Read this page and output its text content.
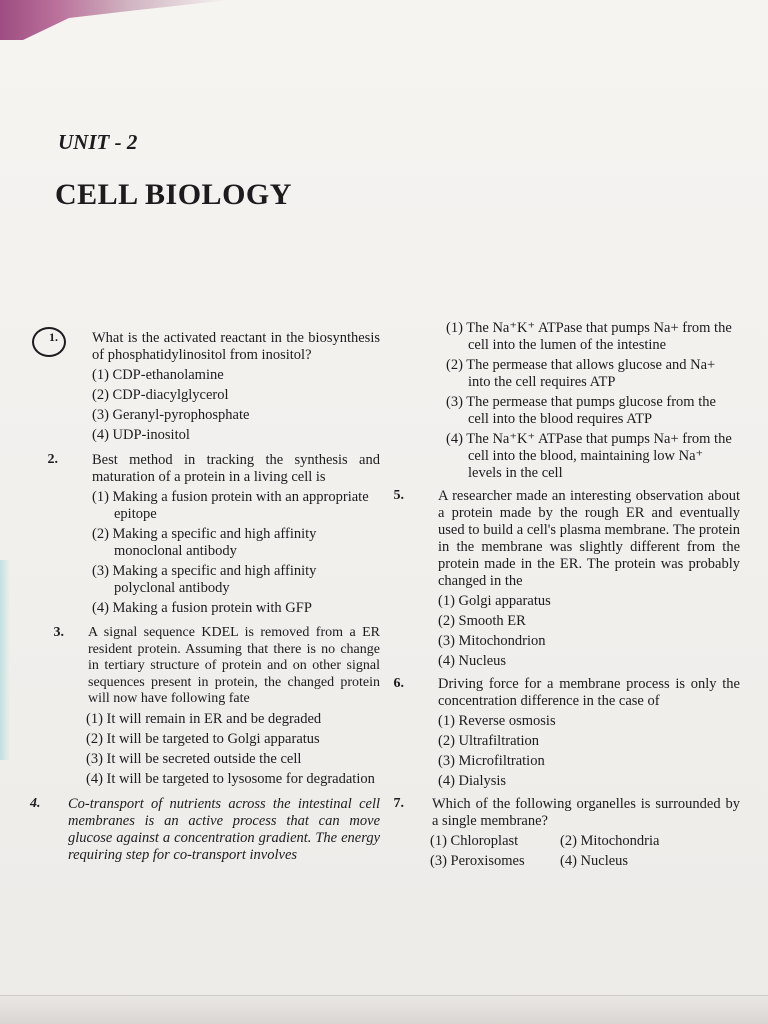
UNIT - 2
CELL BIOLOGY
1. What is the activated reactant in the biosynthesis of phosphatidylinositol from inositol?
(1) CDP-ethanolamine
(2) CDP-diacylglycerol
(3) Geranyl-pyrophosphate
(4) UDP-inositol
2. Best method in tracking the synthesis and maturation of a protein in a living cell is
(1) Making a fusion protein with an appropriate epitope
(2) Making a specific and high affinity monoclonal antibody
(3) Making a specific and high affinity polyclonal antibody
(4) Making a fusion protein with GFP
3. A signal sequence KDEL is removed from a ER resident protein. Assuming that there is no change in tertiary structure of protein and on other signal sequences present in protein, the changed protein will now have following fate
(1) It will remain in ER and be degraded
(2) It will be targeted to Golgi apparatus
(3) It will be secreted outside the cell
(4) It will be targeted to lysosome for degradation
4. Co-transport of nutrients across the intestinal cell membranes is an active process that can move glucose against a concentration gradient. The energy requiring step for co-transport involves
(1) The Na⁺K⁺ ATPase that pumps Na+ from the cell into the lumen of the intestine
(2) The permease that allows glucose and Na+ into the cell requires ATP
(3) The permease that pumps glucose from the cell into the blood requires ATP
(4) The Na⁺K⁺ ATPase that pumps Na+ from the cell into the blood, maintaining low Na⁺ levels in the cell
5. A researcher made an interesting observation about a protein made by the rough ER and eventually used to build a cell's plasma membrane. The protein in the membrane was slightly different from the protein made in the ER. The protein was probably changed in the
(1) Golgi apparatus
(2) Smooth ER
(3) Mitochondrion
(4) Nucleus
6. Driving force for a membrane process is only the concentration difference in the case of
(1) Reverse osmosis
(2) Ultrafiltration
(3) Microfiltration
(4) Dialysis
7. Which of the following organelles is surrounded by a single membrane?
(1) Chloroplast	(2) Mitochondria
(3) Peroxisomes	(4) Nucleus
